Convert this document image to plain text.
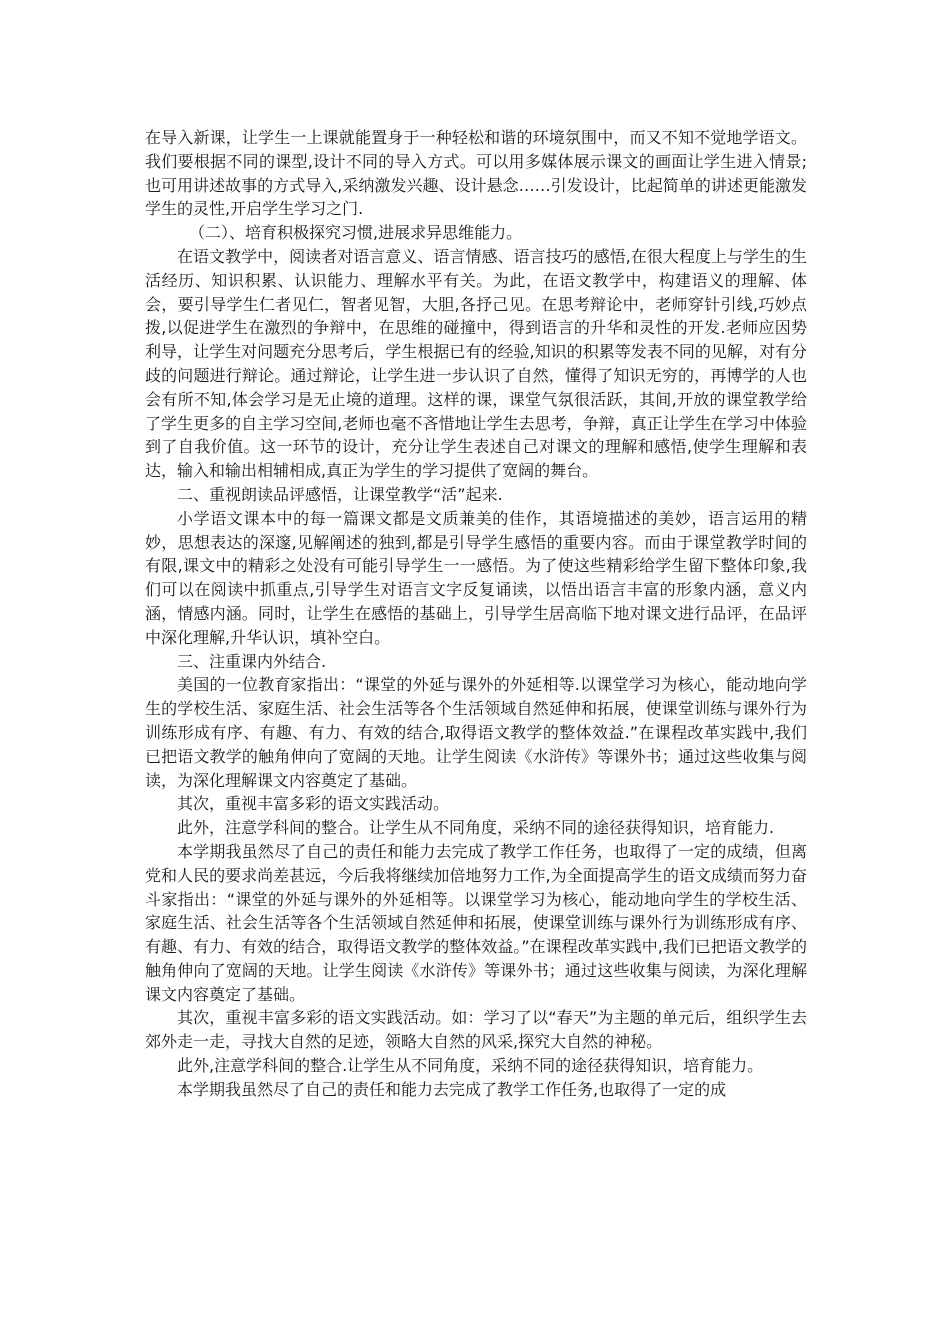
在导入新课，让学生一上课就能置身于一种轻松和谐的环境氛围中，而又不知不觉地学语文。我们要根据不同的课型,设计不同的导入方式。可以用多媒体展示课文的画面让学生进入情景;也可用讲述故事的方式导入,采纳激发兴趣、设计悬念……引发设计，比起简单的讲述更能激发学生的灵性,开启学生学习之门.

（二）、培育积极探究习惯,进展求异思维能力。

在语文教学中，阅读者对语言意义、语言情感、语言技巧的感悟,在很大程度上与学生的生活经历、知识积累、认识能力、理解水平有关。为此，在语文教学中，构建语义的理解、体会，要引导学生仁者见仁，智者见智，大胆,各抒己见。在思考辩论中，老师穿针引线,巧妙点拨,以促进学生在激烈的争辩中，在思维的碰撞中，得到语言的升华和灵性的开发.老师应因势利导，让学生对问题充分思考后，学生根据已有的经验,知识的积累等发表不同的见解，对有分歧的问题进行辩论。通过辩论，让学生进一步认识了自然，懂得了知识无穷的，再博学的人也会有所不知,体会学习是无止境的道理。这样的课，课堂气氛很活跃，其间,开放的课堂教学给了学生更多的自主学习空间,老师也毫不吝惜地让学生去思考，争辩，真正让学生在学习中体验到了自我价值。这一环节的设计，充分让学生表述自己对课文的理解和感悟,使学生理解和表达，输入和输出相辅相成,真正为学生的学习提供了宽阔的舞台。

二、重视朗读品评感悟，让课堂教学“活”起来.

小学语文课本中的每一篇课文都是文质兼美的佳作，其语境描述的美妙，语言运用的精妙，思想表达的深邃,见解阐述的独到,都是引导学生感悟的重要内容。而由于课堂教学时间的有限,课文中的精彩之处没有可能引导学生一一感悟。为了使这些精彩给学生留下整体印象,我们可以在阅读中抓重点,引导学生对语言文字反复诵读，以悟出语言丰富的形象内涵，意义内涵，情感内涵。同时，让学生在感悟的基础上，引导学生居高临下地对课文进行品评，在品评中深化理解,升华认识，填补空白。

三、注重课内外结合.

美国的一位教育家指出：“课堂的外延与课外的外延相等.以课堂学习为核心，能动地向学生的学校生活、家庭生活、社会生活等各个生活领域自然延伸和拓展，使课堂训练与课外行为训练形成有序、有趣、有力、有效的结合,取得语文教学的整体效益.”在课程改革实践中,我们已把语文教学的触角伸向了宽阔的天地。让学生阅读《水浒传》等课外书；通过这些收集与阅读，为深化理解课文内容奠定了基础。

其次，重视丰富多彩的语文实践活动。

此外，注意学科间的整合。让学生从不同角度，采纳不同的途径获得知识，培育能力.

本学期我虽然尽了自己的责任和能力去完成了教学工作任务，也取得了一定的成绩，但离党和人民的要求尚差甚远，今后我将继续加倍地努力工作,为全面提高学生的语文成绩而努力奋斗家指出：“课堂的外延与课外的外延相等。以课堂学习为核心，能动地向学生的学校生活、家庭生活、社会生活等各个生活领域自然延伸和拓展，使课堂训练与课外行为训练形成有序、有趣、有力、有效的结合，取得语文教学的整体效益。”在课程改革实践中,我们已把语文教学的触角伸向了宽阔的天地。让学生阅读《水浒传》等课外书；通过这些收集与阅读，为深化理解课文内容奠定了基础。

其次，重视丰富多彩的语文实践活动。如：学习了以“春天”为主题的单元后，组织学生去郊外走一走，寻找大自然的足迹，领略大自然的风采,探究大自然的神秘。

此外,注意学科间的整合.让学生从不同角度，采纳不同的途径获得知识，培育能力。

本学期我虽然尽了自己的责任和能力去完成了教学工作任务,也取得了一定的成
